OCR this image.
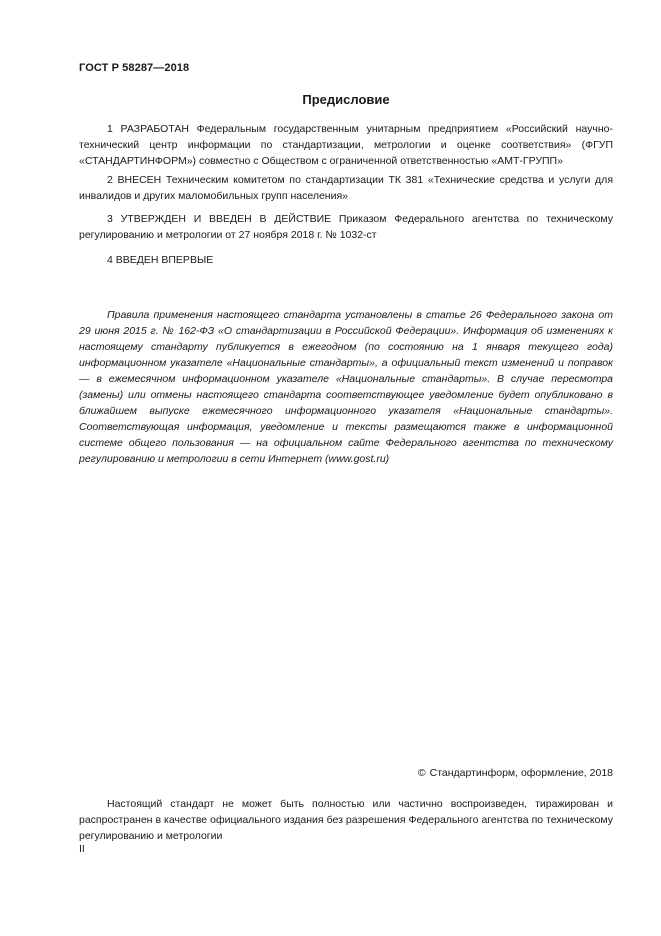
ГОСТ Р 58287—2018
Предисловие

1 РАЗРАБОТАН Федеральным государственным унитарным предприятием «Российский научно-технический центр информации по стандартизации, метрологии и оценке соответствия» (ФГУП «СТАНДАРТИНФОРМ») совместно с Обществом с ограниченной ответственностью «АМТ-ГРУПП»

2 ВНЕСЕН Техническим комитетом по стандартизации ТК 381 «Технические средства и услуги для инвалидов и других маломобильных групп населения»

3 УТВЕРЖДЕН И ВВЕДЕН В ДЕЙСТВИЕ Приказом Федерального агентства по техническому регулированию и метрологии от 27 ноября 2018 г. № 1032-ст

4 ВВЕДЕН ВПЕРВЫЕ

Правила применения настоящего стандарта установлены в статье 26 Федерального закона от 29 июня 2015 г. № 162-ФЗ «О стандартизации в Российской Федерации». Информация об изменениях к настоящему стандарту публикуется в ежегодном (по состоянию на 1 января текущего года) информационном указателе «Национальные стандарты», а официальный текст изменений и поправок — в ежемесячном информационном указателе «Национальные стандарты». В случае пересмотра (замены) или отмены настоящего стандарта соответствующее уведомление будет опубликовано в ближайшем выпуске ежемесячного информационного указателя «Национальные стандарты». Соответствующая информация, уведомление и тексты размещаются также в информационной системе общего пользования — на официальном сайте Федерального агентства по техническому регулированию и метрологии в сети Интернет (www.gost.ru)

© Стандартинформ, оформление, 2018

Настоящий стандарт не может быть полностью или частично воспроизведен, тиражирован и распространен в качестве официального издания без разрешения Федерального агентства по техническому регулированию и метрологии

II
